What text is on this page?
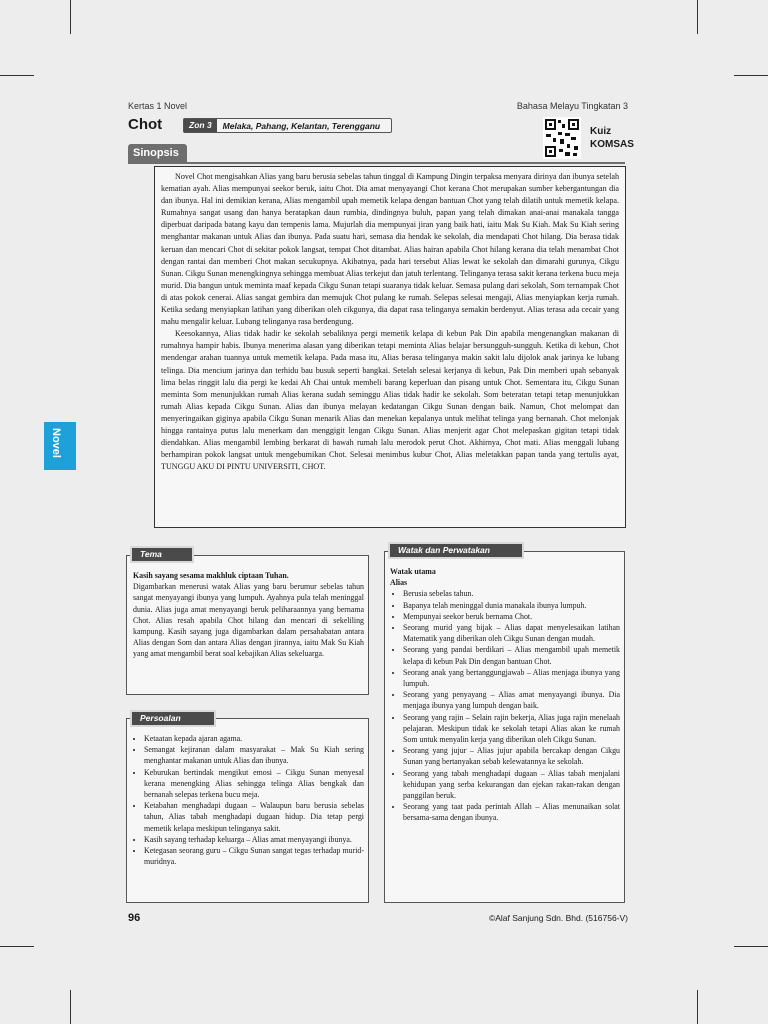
Kertas 1 Novel	Bahasa Melayu Tingkatan 3
Chot	Zon 3	Melaka, Pahang, Kelantan, Terengganu
Kuiz
KOMSAS
Sinopsis

Novel Chot mengisahkan Alias yang baru berusia sebelas tahun tinggal di Kampung Dingin terpaksa menyara dirinya dan ibunya setelah kematian ayah. Alias mempunyai seekor beruk, iaitu Chot. Dia amat menyayangi Chot kerana Chot merupakan sumber kebergantungan dia dan ibunya. Hal ini demikian kerana, Alias mengambil upah memetik kelapa dengan bantuan Chot yang telah dilatih untuk memetik kelapa. Rumahnya sangat usang dan hanya beratapkan daun rumbia, dindingnya buluh, papan yang telah dimakan anai-anai manakala tangga diperbuat daripada batang kayu dan tempenis lama. Mujurlah dia mempunyai jiran yang baik hati, iaitu Mak Su Kiah. Mak Su Kiah sering menghantar makanan untuk Alias dan ibunya. Pada suatu hari, semasa dia hendak ke sekolah, dia mendapati Chot hilang. Dia berasa tidak keruan dan mencari Chot di sekitar pokok langsat, tempat Chot ditambat. Alias hairan apabila Chot hilang kerana dia telah menambat Chot dengan rantai dan memberi Chot makan secukupnya. Akibatnya, pada hari tersebut Alias lewat ke sekolah dan dimarahi gurunya, Cikgu Sunan. Cikgu Sunan menengkingnya sehingga membuat Alias terkejut dan jatuh terlentang. Telinganya terasa sakit kerana terkena bucu meja murid. Dia bangun untuk meminta maaf kepada Cikgu Sunan tetapi suaranya tidak keluar. Semasa pulang dari sekolah, Som ternampak Chot di atas pokok cenerai. Alias sangat gembira dan memujuk Chot pulang ke rumah. Selepas selesai mengaji, Alias menyiapkan kerja rumah. Ketika sedang menyiapkan latihan yang diberikan oleh cikgunya, dia dapat rasa telinganya semakin berdenyut. Alias terasa ada cecair yang mahu mengalir keluar. Lubang telinganya rasa berdengung.

Keesokannya, Alias tidak hadir ke sekolah sebaliknya pergi memetik kelapa di kebun Pak Din apabila mengenangkan makanan di rumahnya hampir habis. Ibunya menerima alasan yang diberikan tetapi meminta Alias belajar bersungguh-sungguh. Ketika di kebun, Chot mendengar arahan tuannya untuk memetik kelapa. Pada masa itu, Alias berasa telinganya makin sakit lalu dijolok anak jarinya ke lubang telinga. Dia mencium jarinya dan terhidu bau busuk seperti bangkai. Setelah selesai kerjanya di kebun, Pak Din memberi upah sebanyak lima belas ringgit lalu dia pergi ke kedai Ah Chai untuk membeli barang keperluan dan pisang untuk Chot. Sementara itu, Cikgu Sunan meminta Som menunjukkan rumah Alias kerana sudah seminggu Alias tidak hadir ke sekolah. Som beteratan tetapi tetap menunjukkan rumah Alias kepada Cikgu Sunan. Alias dan ibunya melayan kedatangan Cikgu Sunan dengan baik. Namun, Chot melompat dan menyeringaikan giginya apabila Cikgu Sunan menarik Alias dan menekan kepalanya untuk melihat telinga yang bernanah. Chot melonjak hingga rantainya putus lalu menerkam dan menggigit lengan Cikgu Sunan. Alias menjerit agar Chot melepaskan gigitan tetapi tidak diendahkan. Alias mengambil lembing berkarat di bawah rumah lalu merodok perut Chot. Akhirnya, Chot mati. Alias menggali lubang berhampiran pokok langsat untuk mengebumikan Chot. Selesai menimbus kubur Chot, Alias meletakkan papan tanda yang tertulis ayat, TUNGGU AKU DI PINTU UNIVERSITI, CHOT.

Novel
Kasih sayang sesama makhluk ciptaan Tuhan.
Digambarkan menerusi watak Alias yang baru berumur sebelas tahun sangat menyayangi ibunya yang lumpuh. Ayahnya pula telah meninggal dunia. Alias juga amat menyayangi beruk peliharaannya yang bernama Chot. Alias resah apabila Chot hilang dan mencari di sekeliling kampung. Kasih sayang juga digambarkan dalam persahabatan antara Alias dengan Som dan antara Alias dengan jirannya, iaitu Mak Su Kiah yang amat mengambil berat soal kebajikan Alias sekeluarga.
Tema
• Ketaatan kepada ajaran agama.
• Semangat kejiranan dalam masyarakat – Mak Su Kiah sering menghantar makanan untuk Alias dan ibunya.
• Keburukan bertindak mengikut emosi – Cikgu Sunan menyesal kerana menengking Alias sehingga telinga Alias bengkak dan bernanah selepas terkena bucu meja.
• Ketabahan menghadapi dugaan – Walaupun baru berusia sebelas tahun, Alias tabah menghadapi dugaan hidup. Dia tetap pergi memetik kelapa meskipun telinganya sakit.
• Kasih sayang terhadap keluarga – Alias amat menyayangi ibunya.
• Ketegasan seorang guru – Cikgu Sunan sangat tegas terhadap murid-muridnya.
Persoalan
Watak utama
Alias
• Berusia sebelas tahun.
• Bapanya telah meninggal dunia manakala ibunya lumpuh.
• Mempunyai seekor beruk bernama Chot.
• Seorang murid yang bijak – Alias dapat menyelesaikan latihan Matematik yang diberikan oleh Cikgu Sunan dengan mudah.
• Seorang yang pandai berdikari – Alias mengambil upah memetik kelapa di kebun Pak Din dengan bantuan Chot.
• Seorang anak yang bertanggungjawab – Alias menjaga ibunya yang lumpuh.
• Seorang yang penyayang – Alias amat menyayangi ibunya. Dia menjaga ibunya yang lumpuh dengan baik.
• Seorang yang rajin – Selain rajin bekerja, Alias juga rajin menelaah pelajaran. Meskipun tidak ke sekolah tetapi Alias akan ke rumah Som untuk menyalin kerja yang diberikan oleh Cikgu Sunan.
• Seorang yang jujur – Alias jujur apabila bercakap dengan Cikgu Sunan yang bertanyakan sebab kelewatannya ke sekolah.
• Seorang yang tabah menghadapi dugaan – Alias tabah menjalani kehidupan yang serba kekurangan dan ejekan rakan-rakan dengan panggilan beruk.
• Seorang yang taat pada perintah Allah – Alias menunaikan solat bersama-sama dengan ibunya.
Watak dan Perwatakan
96	©Alaf Sanjung Sdn. Bhd. (516756-V)
